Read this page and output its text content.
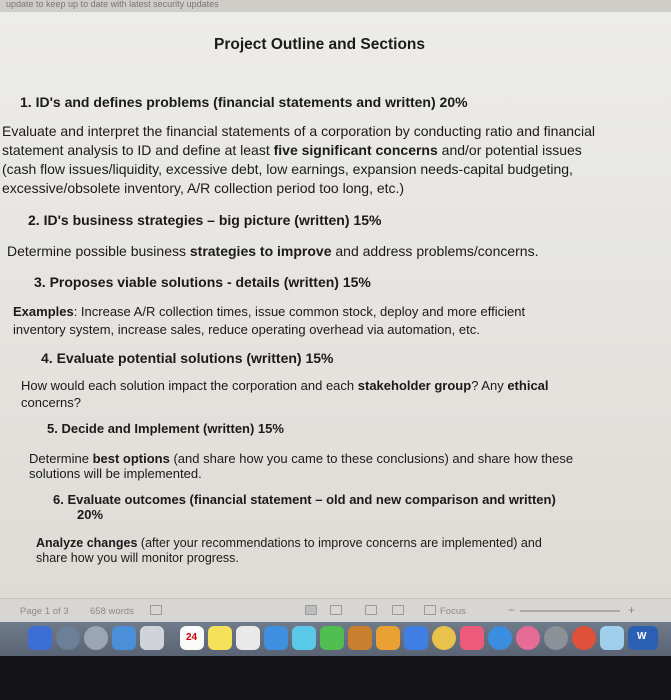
update to keep up to date with latest security updates
Project Outline and Sections
1. ID's and defines problems (financial statements and written) 20%
Evaluate and interpret the financial statements of a corporation by conducting ratio and financial
statement analysis to ID and define at least five significant concerns and/or potential issues
(cash flow issues/liquidity, excessive debt, low earnings, expansion needs-capital budgeting,
excessive/obsolete inventory, A/R collection period too long, etc.)
2. ID's business strategies – big picture (written) 15%
Determine possible business strategies to improve and address problems/concerns.
3. Proposes viable solutions - details (written) 15%
Examples: Increase A/R collection times, issue common stock, deploy and more efficient
inventory system, increase sales, reduce operating overhead via automation, etc.
4. Evaluate potential solutions (written) 15%
How would each solution impact the corporation and each stakeholder group? Any ethical
concerns?
5. Decide and Implement (written) 15%
Determine best options (and share how you came to these conclusions) and share how these
solutions will be implemented.
6. Evaluate outcomes (financial statement – old and new comparison and written)
20%
Analyze changes (after your recommendations to improve concerns are implemented) and
share how you will monitor progress.
Page 1 of 3 658 words	Focus	−	+
24	W
